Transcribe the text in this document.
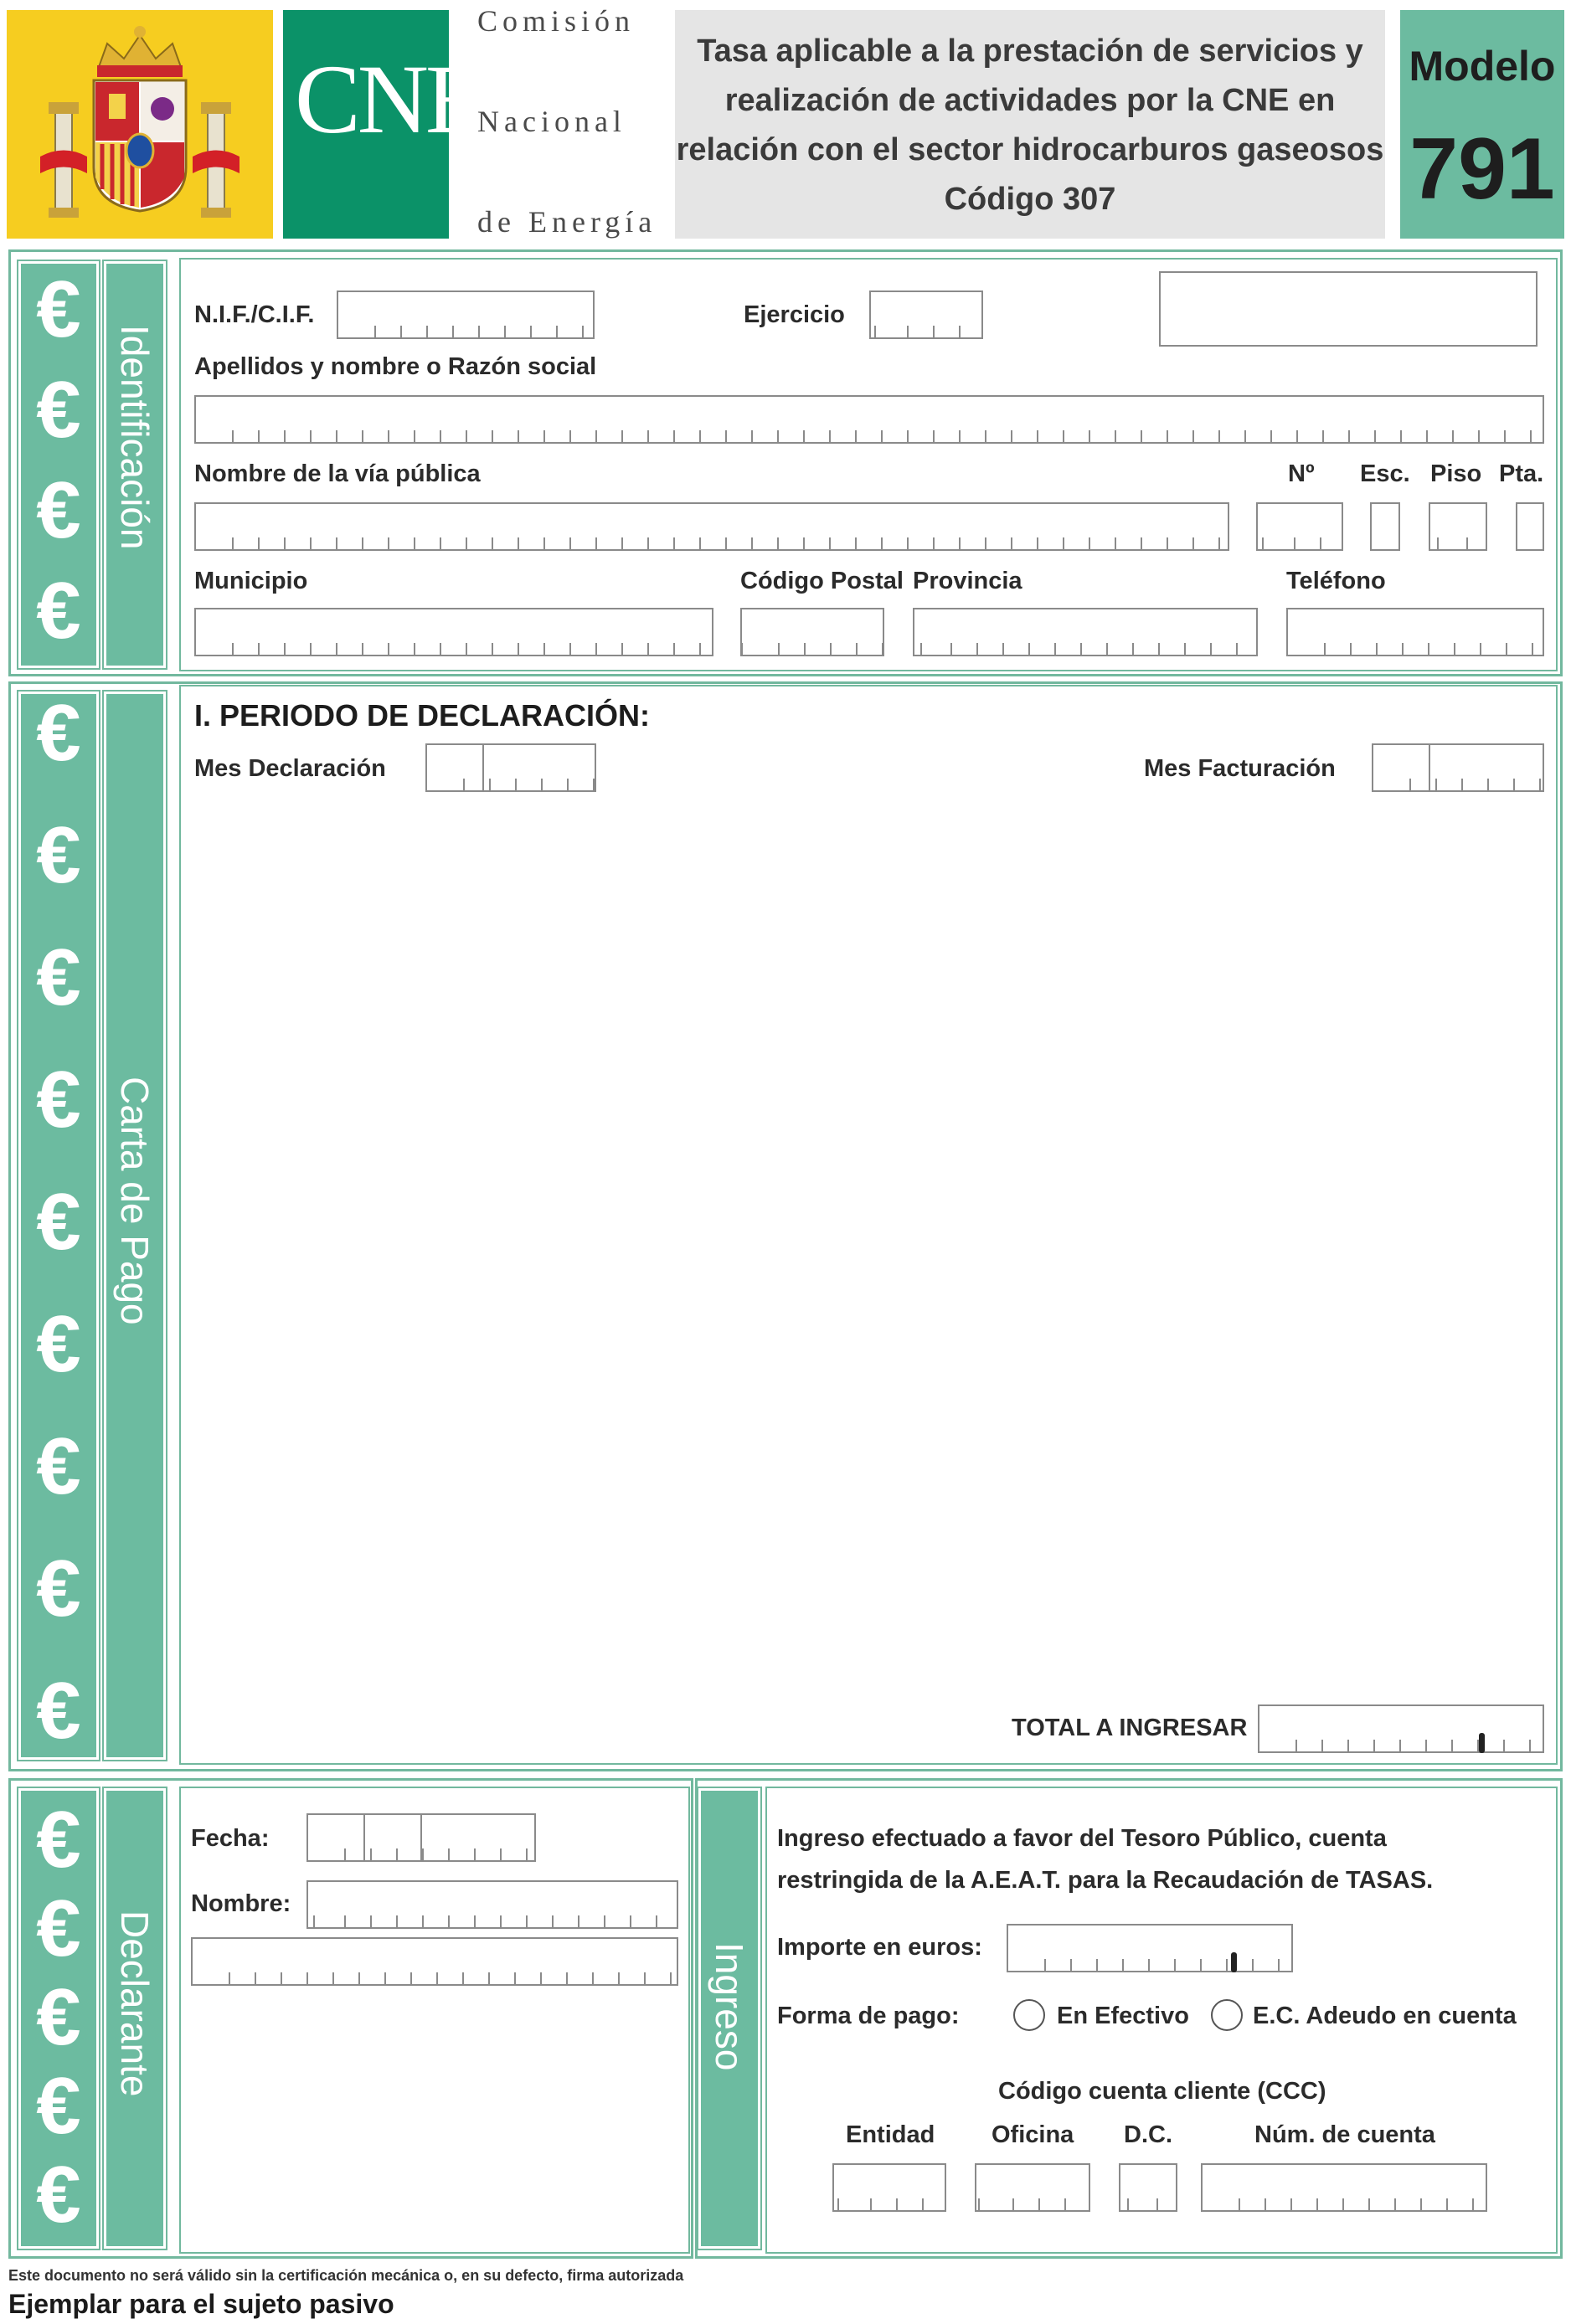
CNE
Comisión
Nacional
de Energía
Tasa aplicable a la prestación de servicios y
realización de actividades por la CNE en
relación con el sector hidrocarburos gaseosos
Código 307
Modelo
791
€
€
€
€
Identificación
N.I.F./C.I.F.	Ejercicio
Apellidos y nombre o Razón social
Nombre de la vía pública	Nº Esc. Piso Pta.
Municipio	Código Postal Provincia	Teléfono
€
€
€
€
€
€
€
€
€
Carta de Pago
I. PERIODO DE DECLARACIÓN:
Mes Declaración	Mes Facturación
TOTAL A INGRESAR
€
€
€
€
€
Declarante
Fecha:
Nombre:
Ingreso
Ingreso efectuado a favor del Tesoro Público, cuenta
restringida de la A.E.A.T. para la Recaudación de TASAS.
Importe en euros:
Forma de pago:	En Efectivo	E.C. Adeudo en cuenta
Código cuenta cliente (CCC)
Entidad Oficina D.C.	Núm. de cuenta
Este documento no será válido sin la certificación mecánica o, en su defecto, firma autorizada
Ejemplar para el sujeto pasivo
